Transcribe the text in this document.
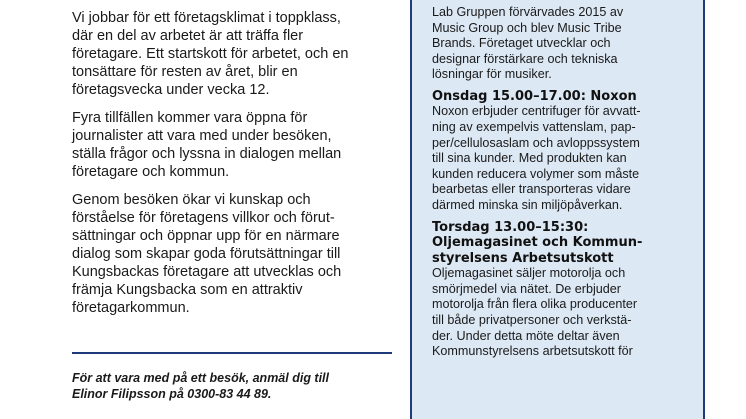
Vi jobbar för ett företagsklimat i toppklass,
där en del av arbetet är att träffa fler
företagare. Ett startskott för arbetet, och en
tonsättare för resten av året, blir en
företagsvecka under vecka 12.

Fyra tillfällen kommer vara öppna för
journalister att vara med under besöken,
ställa frågor och lyssna in dialogen mellan
företagare och kommun.

Genom besöken ökar vi kunskap och
förståelse för företagens villkor och förut-
sättningar och öppnar upp för en närmare
dialog som skapar goda förutsättningar till
Kungsbackas företagare att utvecklas och
främja Kungsbacka som en attraktiv
företagarkommun.

För att vara med på ett besök, anmäl dig till
Elinor Filipsson på 0300-83 44 89.

Lab Gruppen förvärvades 2015 av
Music Group och blev Music Tribe
Brands. Företaget utvecklar och
designar förstärkare och tekniska
lösningar för musiker.

Onsdag 15.00–17.00: Noxon

Noxon erbjuder centrifuger för avvatt-
ning av exempelvis vattenslam, pap-
per/cellulosaslam och avloppssystem
till sina kunder. Med produkten kan
kunden reducera volymer som måste
bearbetas eller transporteras vidare
därmed minska sin miljöpåverkan.

Torsdag 13.00–15:30:
Oljemagasinet och Kommun-
styrelsens Arbetsutskott

Oljemagasinet säljer motorolja och
smörjmedel via nätet. De erbjuder
motorolja från flera olika producenter
till både privatpersoner och verkstä-
der. Under detta möte deltar även
Kommunstyrelsens arbetsutskott för
